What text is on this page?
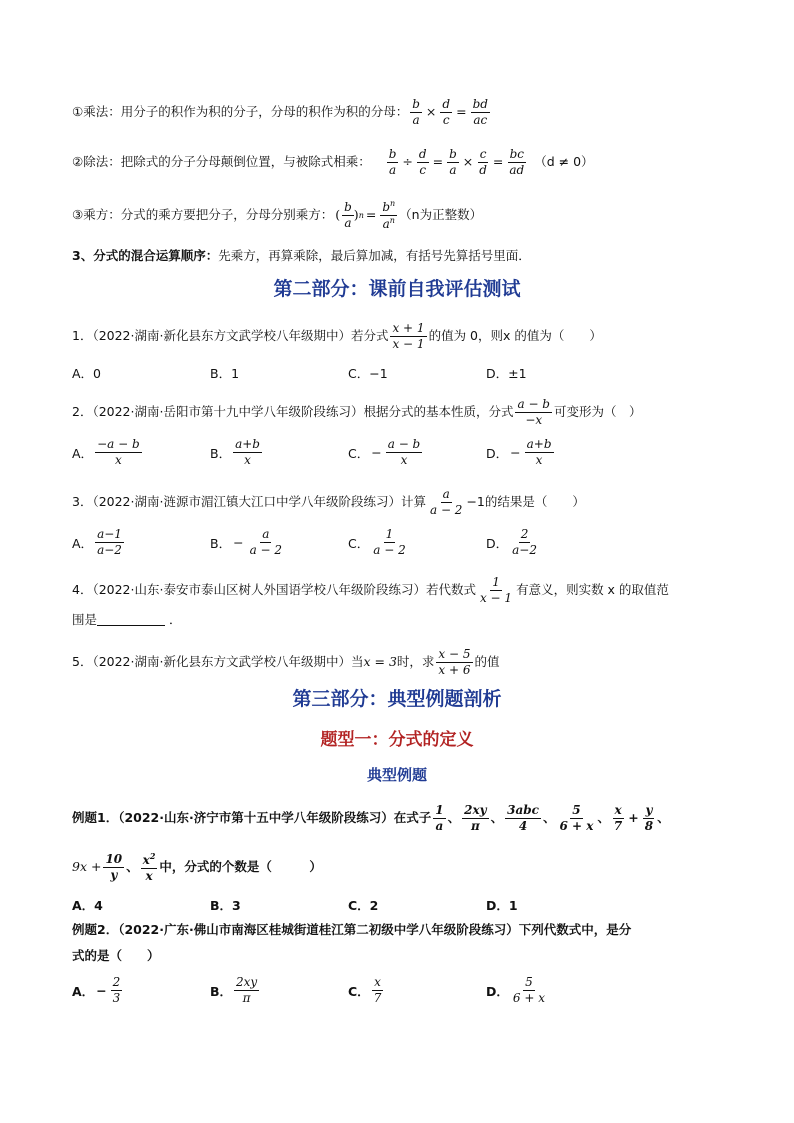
①乘法：用分子的积作为积的分子，分母的积作为积的分母： $\frac{b}{a} \times \frac{d}{c} = \frac{bd}{ac}$
②除法：把除式的分子分母颠倒位置，与被除式相乘： $\frac{b}{a} \div \frac{d}{c} = \frac{b}{a} \times \frac{c}{d} = \frac{bc}{ad} (d \ne 0)$
③乘方：分式的乘方要把分子，分母分别乘方： ( $\frac{b}{a}$ ) $n = \frac{b^n}{a^n} (n$为正整数）
3、分式的混合运算顺序： 先乘方，再算乘除，最后算加减，有括号先算括号里面．
第二部分：课前自我评估测试
1．（2022·湖南·新化县东方文武学校八年级期中）若分式 $\frac{x + 1}{x - 1}$ 的值为 0，则x 的值为（　　）
A．0	B．1	C．−1	D．±1
2．（2022·湖南·岳阳市第十九中学八年级阶段练习）根据分式的基本性质，分式 $\frac{a - b}{-x}$ 可变形为（　）
A． $\frac{-a - b}{x}$	B． $\frac{a+b}{x}$	C． − $\frac{a - b}{x}$	D． − $\frac{a+b}{x}$
3．（2022·湖南·涟源市湄江镇大江口中学八年级阶段练习）计算 $\frac{a}{a - 2} -1$的结果是（　　）
A． $\frac{a-1}{a-2}$	B． − $\frac{a}{a - 2}$	C． $\frac{1}{a - 2}$	D． $\frac{2}{a-2}$
4．（2022·山东·泰安市泰山区树人外国语学校八年级阶段练习）若代数式 $\frac{1}{x - 1}$ 有意义，则实数 x 的取值范
围是	．
5．（2022·湖南·新化县东方文武学校八年级期中）当 x = 3 时，求 $\frac{x - 5}{x + 6}$ 的值
第三部分：典型例题剖析
题型一：分式的定义
典型例题
例题1．（2022·山东·济宁市第十五中学八年级阶段练习）在式子 $\frac{1}{a}$ 、 $\frac{2xy}{\pi}$ 、 $\frac{\text{3abc}}{4}$ 、 $\frac{5}{6 + x}$ 、 $\frac{x}{7} + \frac{y}{8}$ 、
$9x + \frac{10}{y}$ 、 $\frac{x^2}{x}$ 中，分式的个数是（　　　）
A．4	B．3	C．2	D．1
例题2．（2022·广东·佛山市南海区桂城街道桂江第二初级中学八年级阶段练习）下列代数式中，是分
式的是（　　）
A． − $\frac{2}{3}$	B． $\frac{2xy}{\pi}$	C． $\frac{x}{7}$	D． $\frac{5}{6 + x}$
